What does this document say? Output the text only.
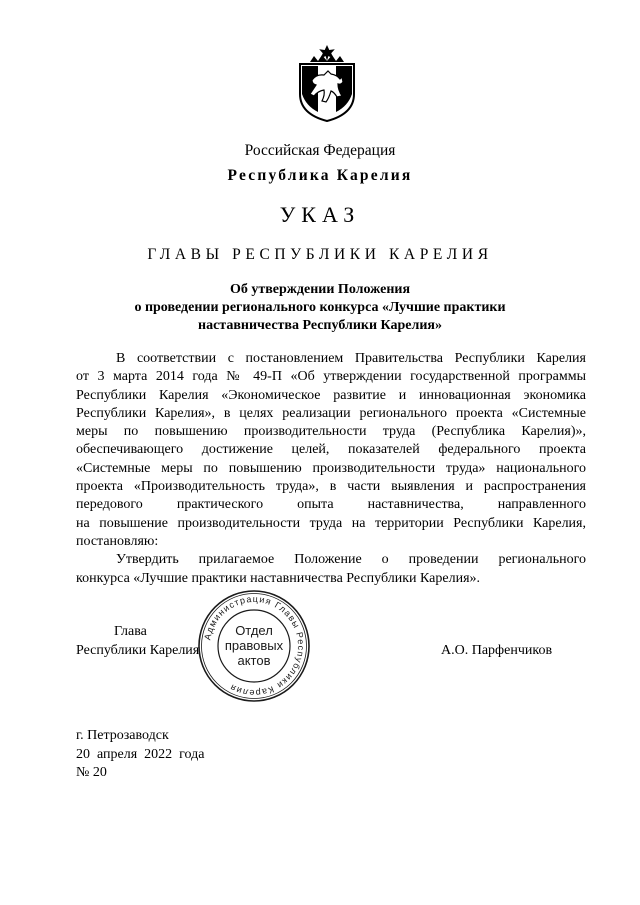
Российская Федерация
Республика Карелия
УКАЗ
ГЛАВЫ РЕСПУБЛИКИ КАРЕЛИЯ
Об утверждении Положения
о проведении регионального конкурса «Лучшие практики
наставничества Республики Карелия»
В соответствии с постановлением Правительства Республики Карелия
от 3 марта 2014 года № 49-П «Об утверждении государственной программы
Республики Карелия «Экономическое развитие и инновационная экономика
Республики Карелия», в целях реализации регионального проекта «Системные
меры по повышению производительности труда (Республика Карелия)»,
обеспечивающего достижение целей, показателей федерального проекта
«Системные меры по повышению производительности труда» национального
проекта «Производительность труда», в части выявления и распространения
передового практического опыта наставничества, направленного
на повышение производительности труда на территории Республики Карелия,
постановляю:
Утвердить прилагаемое Положение о проведении регионального
конкурса «Лучшие практики наставничества Республики Карелия».
Глава
Республики Карелия	А.О. Парфенчиков
Администрация Главы Республики Карелия
Отдел
правовых
актов
г. Петрозаводск
20  апреля  2022  года
№ 20
